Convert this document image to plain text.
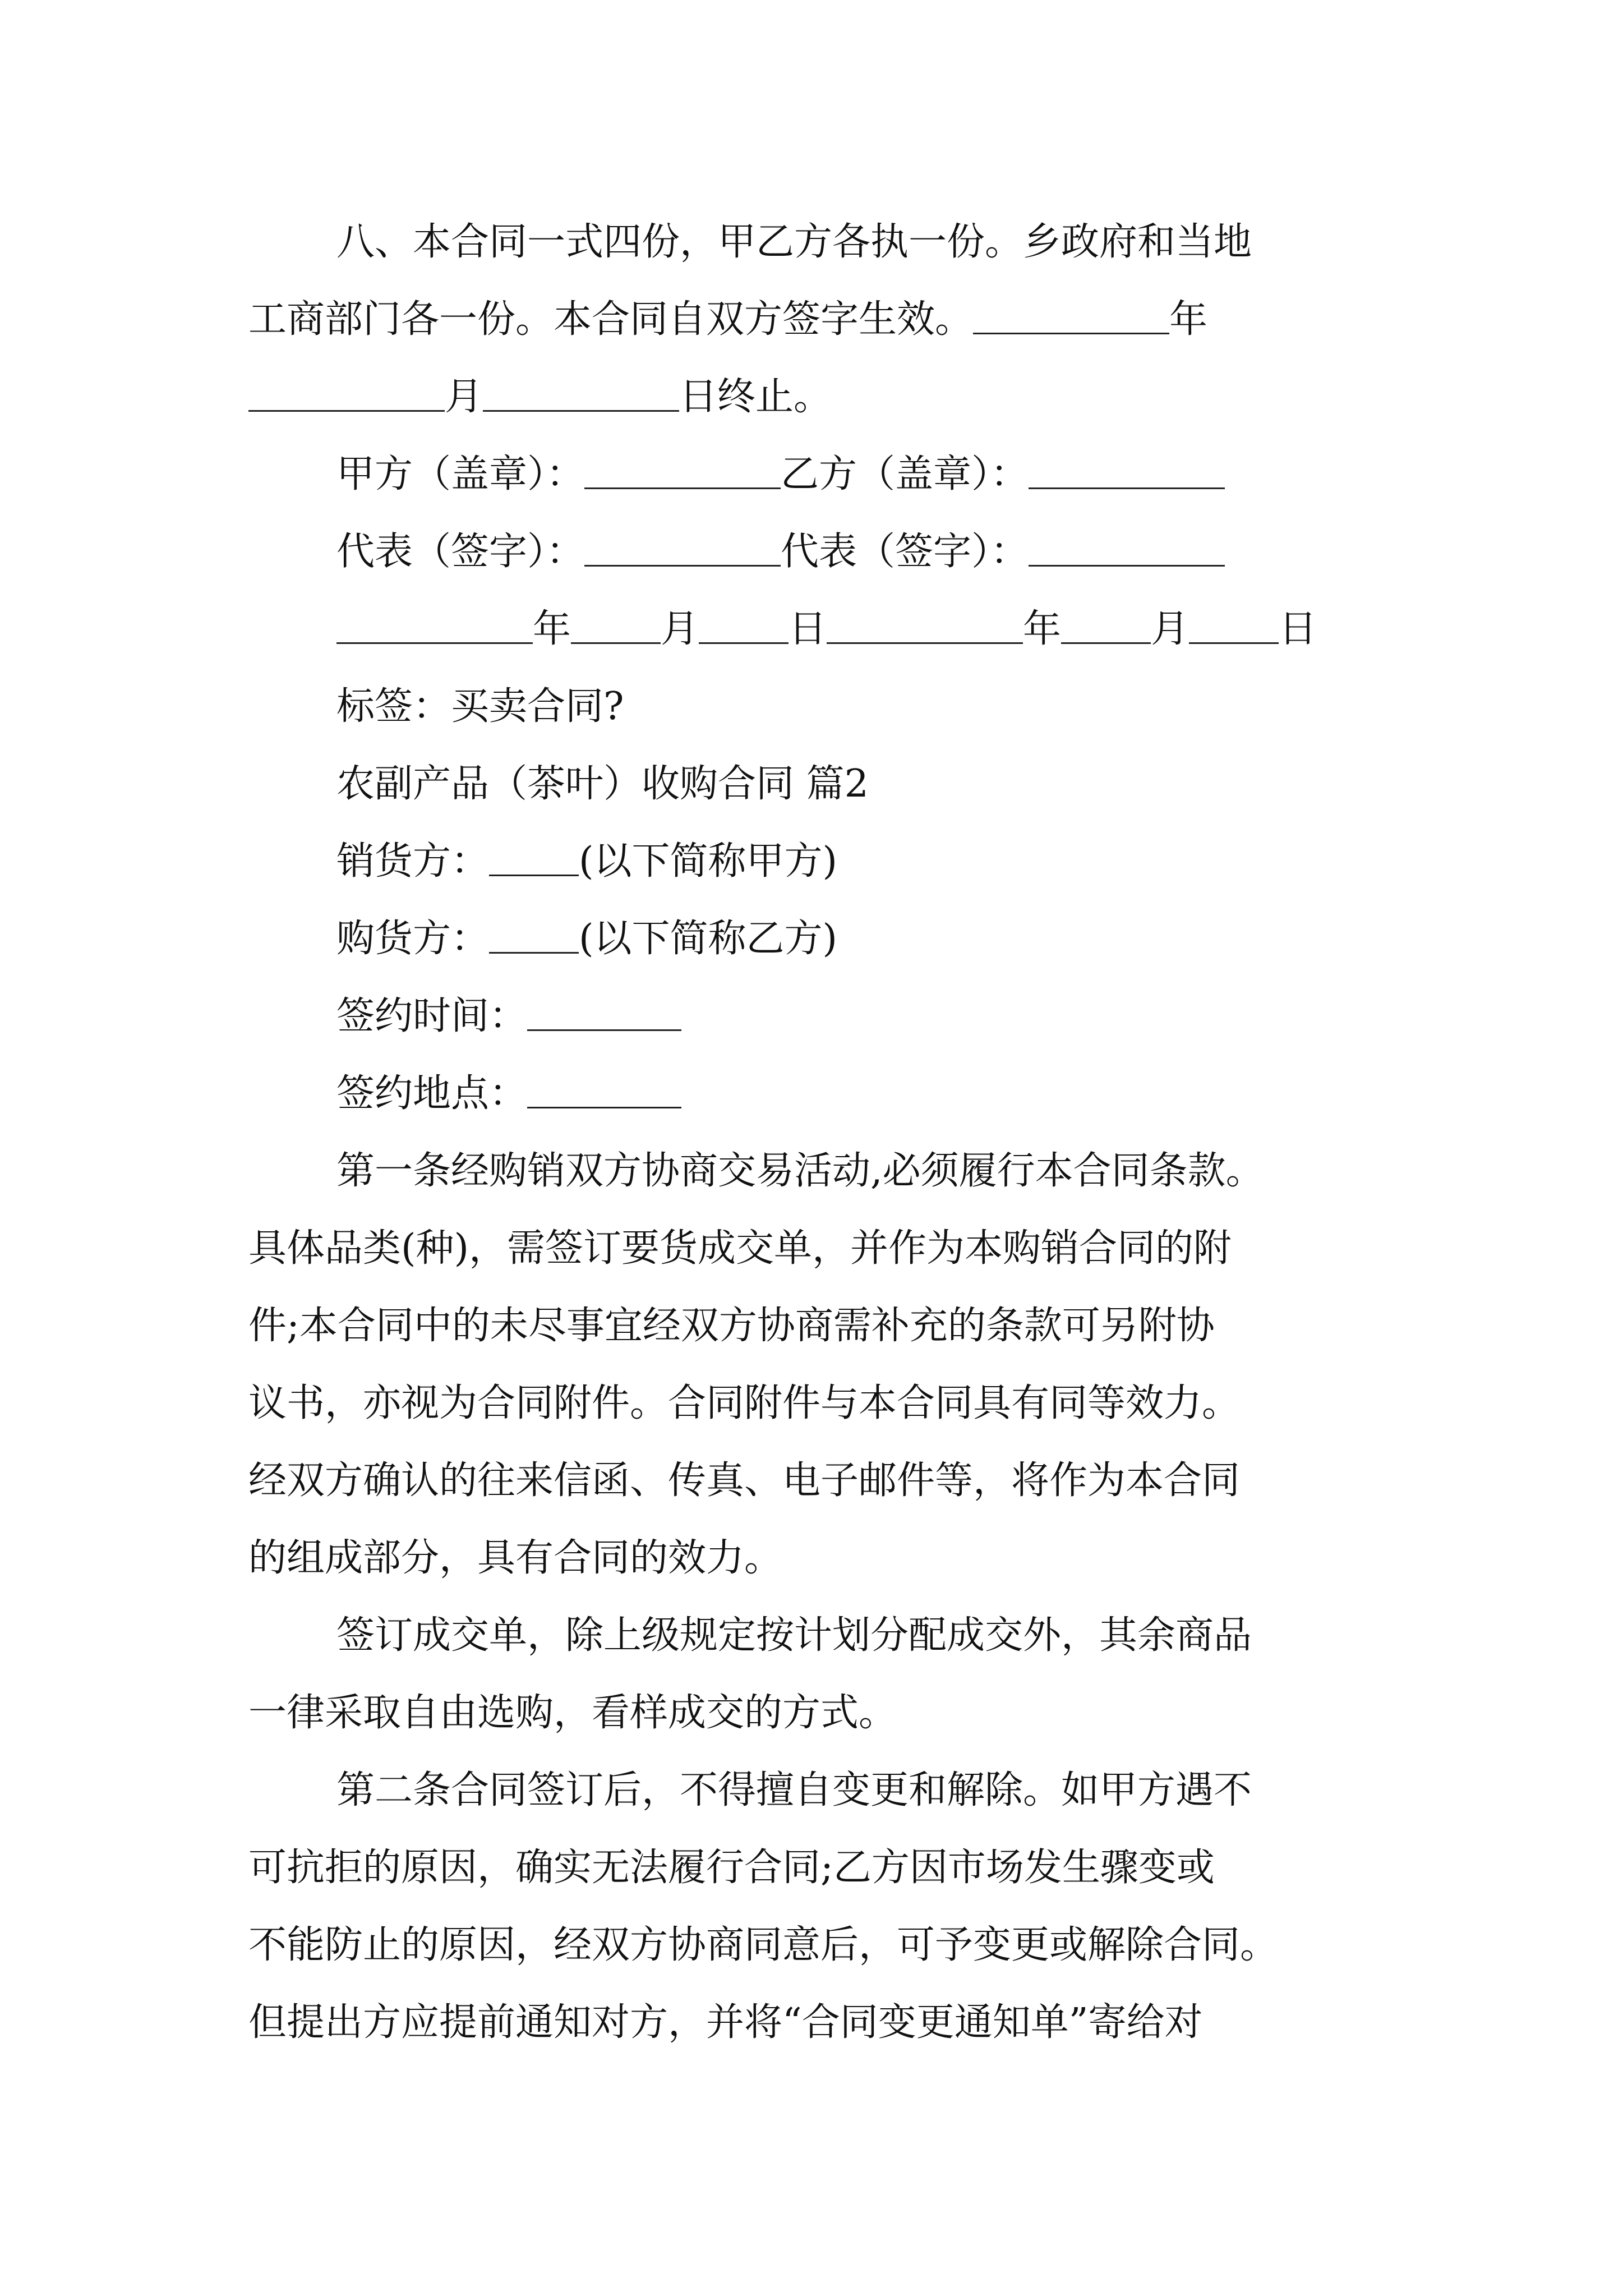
八、本合同一式四份，甲乙方各执一份。乡政府和当地

工商部门各一份。本合同自双方签字生效。	年

月	日终止。

甲方（盖章）：	乙方（盖章）：

代表（签字）：	代表（签字）：

年 月 日	年 月 日

标签：买卖合同?

农副产品（茶叶）收购合同 篇2

销货方： (以下简称甲方)

购货方： (以下简称乙方)

签约时间：

签约地点：

第一条经购销双方协商交易活动,必须履行本合同条款。

具体品类(种)，需签订要货成交单，并作为本购销合同的附

件;本合同中的未尽事宜经双方协商需补充的条款可另附协

议书，亦视为合同附件。合同附件与本合同具有同等效力。

经双方确认的往来信函、传真、电子邮件等，将作为本合同

的组成部分，具有合同的效力。

签订成交单，除上级规定按计划分配成交外，其余商品

一律采取自由选购，看样成交的方式。

第二条合同签订后，不得擅自变更和解除。如甲方遇不

可抗拒的原因，确实无法履行合同;乙方因市场发生骤变或

不能防止的原因，经双方协商同意后，可予变更或解除合同。

但提出方应提前通知对方，并将“合同变更通知单”寄给对
